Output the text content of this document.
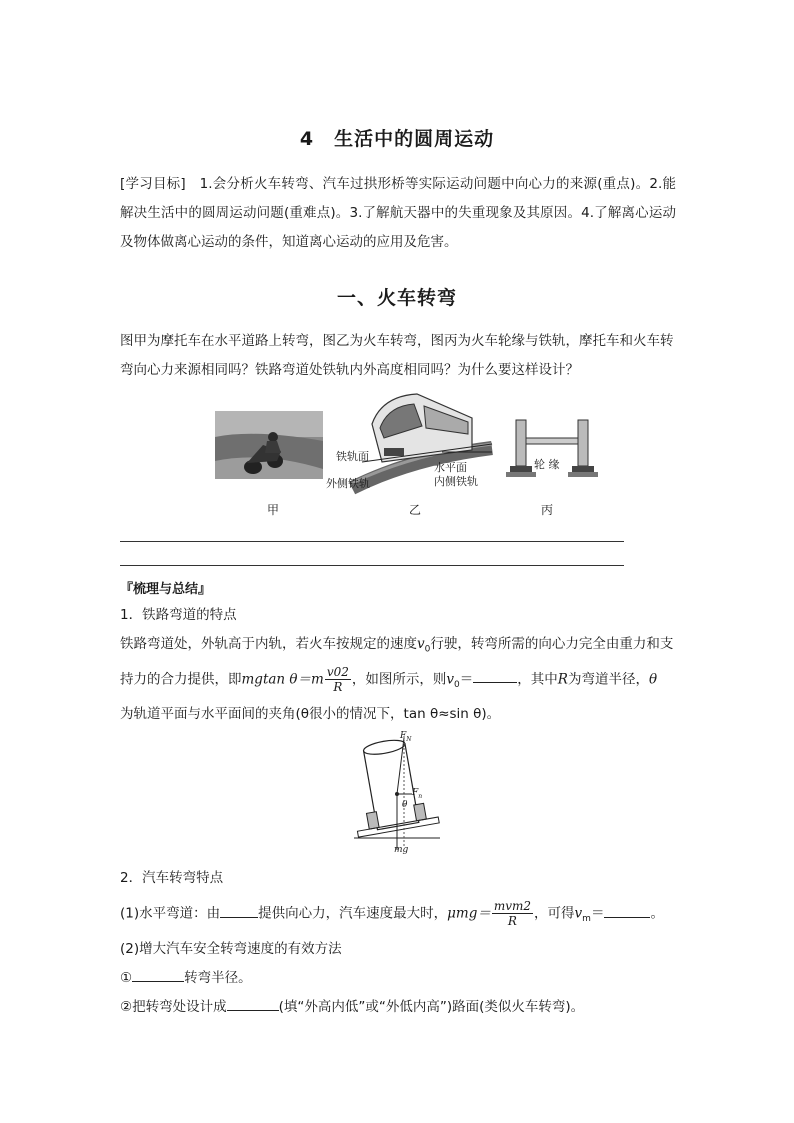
4　生活中的圆周运动
[学习目标]　1.会分析火车转弯、汽车过拱形桥等实际运动问题中向心力的来源(重点)。2.能解决生活中的圆周运动问题(重难点)。3.了解航天器中的失重现象及其原因。4.了解离心运动及物体做离心运动的条件，知道离心运动的应用及危害。
一、火车转弯
图甲为摩托车在水平道路上转弯，图乙为火车转弯，图丙为火车轮缘与铁轨，摩托车和火车转弯向心力来源相同吗？铁路弯道处铁轨内外高度相同吗？为什么要这样设计？
甲
铁轨面
水平面
外侧铁轨	内侧铁轨
乙
轮 缘
丙
『梳理与总结』
1．铁路弯道的特点
铁路弯道处，外轨高于内轨，若火车按规定的速度$v_0$行驶，转弯所需的向心力完全由重力和支持力的合力提供，即mgtan $\theta=m \frac{v02}{R}$ ，如图所示，则$v_0=$	，其中R为弯道半径，θ
为轨道平面与水平面间的夹角(θ很小的情况下，tan θ≈sin θ)。
$F_N$
$F_n$
θ
mg
2．汽车转弯特点
(1)水平弯道：由	提供向心力，汽车速度最大时，$\mu mg= \frac{\text{mvm2}}{R}$ ，可得$v_m=$	。
(2)增大汽车安全转弯速度的有效方法
①	转弯半径。
②把转弯处设计成	(填“外高内低”或“外低内高”)路面(类似火车转弯)。
